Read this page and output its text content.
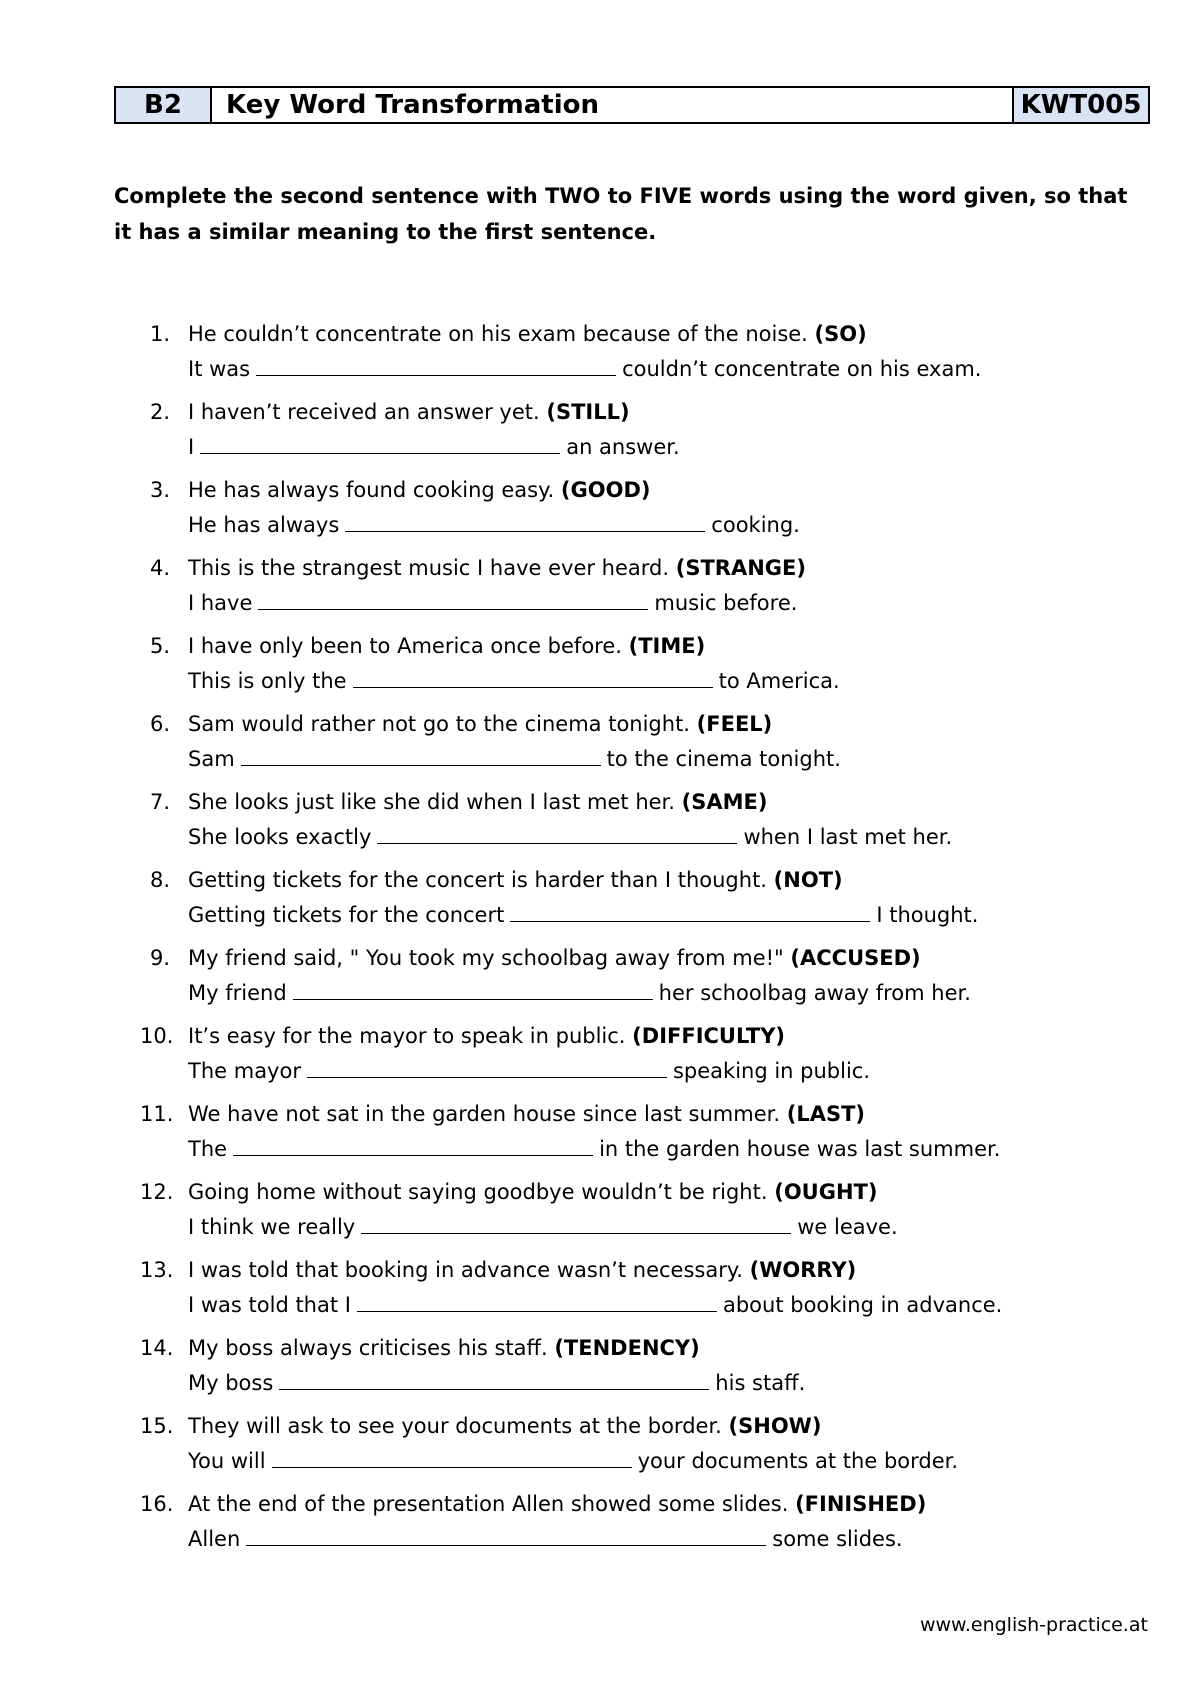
B2	Key Word Transformation	KWT005
Complete the second sentence with TWO to FIVE words using the word given, so that
it has a similar meaning to the first sentence.
1. He couldn’t concentrate on his exam because of the noise. (SO)
It was	couldn’t concentrate on his exam.
2. I haven’t received an answer yet. (STILL)
I	an answer.
3. He has always found cooking easy. (GOOD)
He has always	cooking.
4. This is the strangest music I have ever heard. (STRANGE)
I have	music before.
5. I have only been to America once before. (TIME)
This is only the	to America.
6. Sam would rather not go to the cinema tonight. (FEEL)
Sam	to the cinema tonight.
7. She looks just like she did when I last met her. (SAME)
She looks exactly	when I last met her.
8. Getting tickets for the concert is harder than I thought. (NOT)
Getting tickets for the concert	I thought.
9. My friend said, " You took my schoolbag away from me!" (ACCUSED)
My friend	her schoolbag away from her.
10. It’s easy for the mayor to speak in public. (DIFFICULTY)
The mayor	speaking in public.
11. We have not sat in the garden house since last summer. (LAST)
The	in the garden house was last summer.
12. Going home without saying goodbye wouldn’t be right. (OUGHT)
I think we really	we leave.
13. I was told that booking in advance wasn’t necessary. (WORRY)
I was told that I	about booking in advance.
14. My boss always criticises his staff. (TENDENCY)
My boss	his staff.
15. They will ask to see your documents at the border. (SHOW)
You will	your documents at the border.
16. At the end of the presentation Allen showed some slides. (FINISHED)
Allen	some slides.
www.english-practice.at
